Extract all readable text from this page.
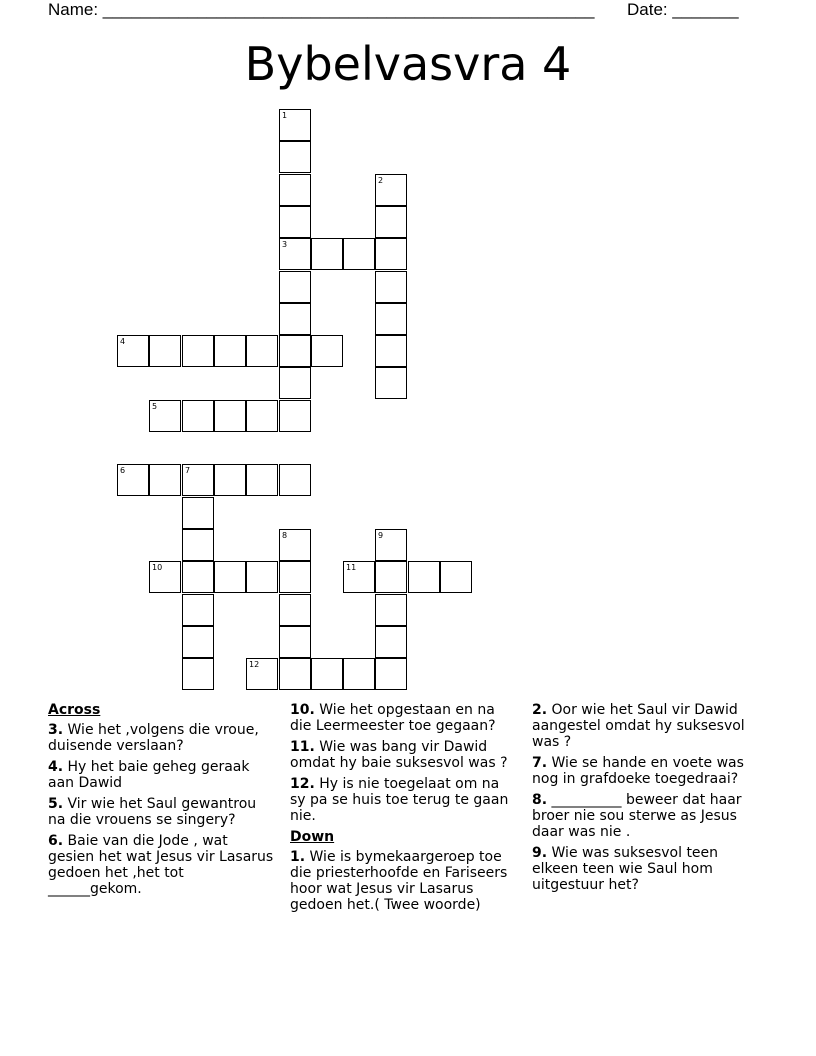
Name: ____________________________________________________ Date: _______
Bybelvasvra 4
1
3
2
4
5
6	7
8	9
10	11
12
Across
3. Wie het ,volgens die vroue, duisende verslaan?
4. Hy het baie geheg geraak aan Dawid
5. Vir wie het Saul gewantrou na die vrouens se singery?
6. Baie van die Jode , wat gesien het wat Jesus vir Lasarus gedoen het ,het tot ______gekom.
10. Wie het opgestaan en na die Leermeester toe gegaan?
11. Wie was bang vir Dawid omdat hy baie suksesvol was ?
12. Hy is nie toegelaat om na sy pa se huis toe terug te gaan nie.
Down
1. Wie is bymekaargeroep toe die priesterhoofde en Fariseers hoor wat Jesus vir Lasarus gedoen het.( Twee woorde)
2. Oor wie het Saul vir Dawid aangestel omdat hy suksesvol was ?
7. Wie se hande en voete was nog in grafdoeke toegedraai?
8. __________ beweer dat haar broer nie sou sterwe as Jesus daar was nie .
9. Wie was suksesvol teen elkeen teen wie Saul hom uitgestuur het?
